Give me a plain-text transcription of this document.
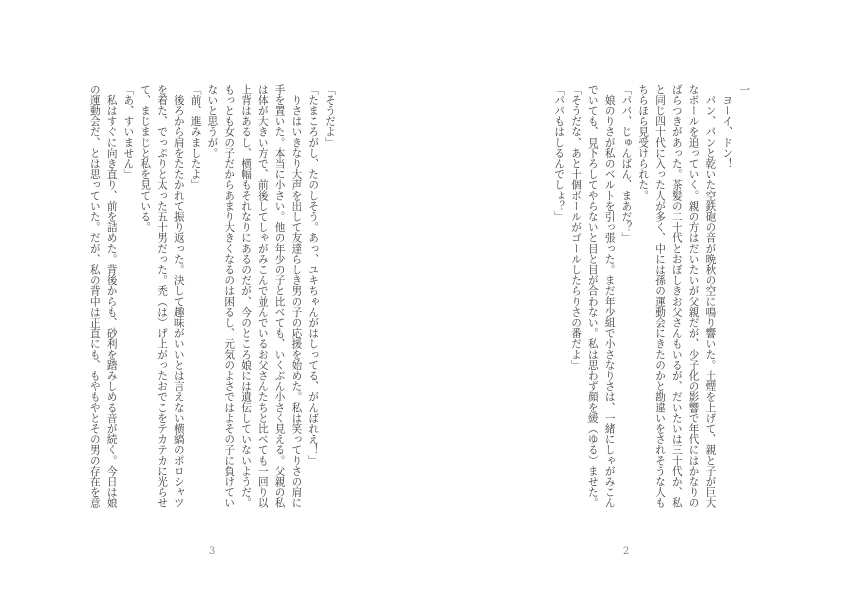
一

　ヨーイ、ドン！

　パン、パンと乾いた空鉄砲の音が晩秋の空に鳴り響いた。土煙を上げて、親と子が巨大なボールを追っていく。親の方はだいたいが父親だが、少子化の影響で年代にはかなりのばらつきがあった。茶髪の二十代とおぼしきお父さんもいるが、だいたいは三十代か、私と同じ四十代に入った人が多く、中には孫の運動会にきたのかと勘違いをされそうな人もちらほら見受けられた。

「パパ、じゅんばん、まあだ？」

　娘のりさが私のベルトを引っ張った。まだ年少組で小さなりさは、一緒にしゃがみこんでいても、見下ろしてやらないと目と目が合わない。私は思わず顔を緩（ゆる）ませた。

「そうだな、あと十個ボールがゴールしたらりさの番だよ」

「パパもはしるんでしょ？」

「そうだよ」

「たまころがし、たのしそう。あっ、ユキちゃんがはしってる、がんばれえ！」

　りさはいきなり大声を出して友達らしき男の子の応援を始めた。私は笑ってりさの肩に手を置いた。本当に小さい。他の年少の子と比べても、いくぶん小さく見える。父親の私は体が大きい方で、前後してしゃがみこんで並んでいるお父さんたちと比べても一回り以上背はあるし、横幅もそれなりにあるのだが、今のところ娘には遺伝していないようだ。もっとも女の子だからあまり大きくなるのは困るし、元気のよさではよその子に負けていないと思うが。

「前、進みましたよ」

　後ろから肩をたたかれて振り返った。決して趣味がいいとは言えない横縞のポロシャツを着た、でっぷりと太った五十男だった。禿（は）げ上がったおでこをテカテカに光らせて、まじまじと私を見ている。

「あ、すいません」

　私はすぐに向き直り、前を詰めた。背後からも、砂利を踏みしめる音が続く。今日は娘の運動会だ、とは思っていた。だが、私の背中は正直にも、もやもやとその男の存在を意

2
3
